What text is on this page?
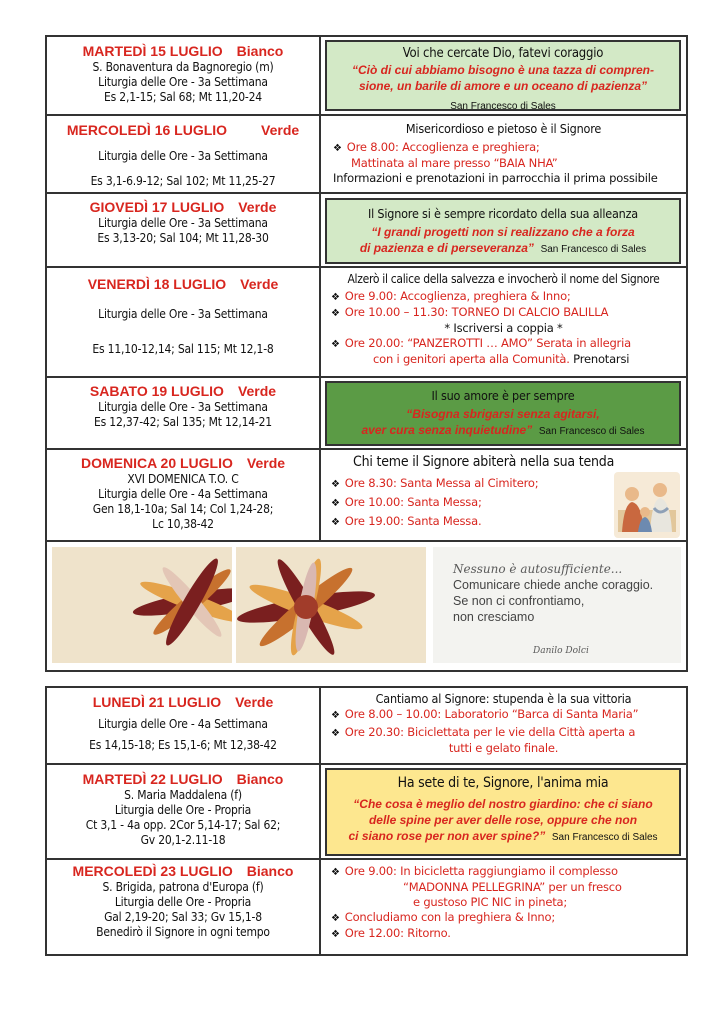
MARTEDÌ 15 LUGLIO Bianco
S. Bonaventura da Bagnoregio (m)
Liturgia delle Ore - 3a Settimana
Es 2,1-15; Sal 68; Mt 11,20-24
Voi che cercate Dio, fatevi coraggio
“Ciò di cui abbiamo bisogno è una tazza di compren-
sione, un barile di amore e un oceano di pazienza”
San Francesco di Sales
MERCOLEDÌ 16 LUGLIO Verde
Liturgia delle Ore - 3a Settimana
Es 3,1-6.9-12; Sal 102; Mt 11,25-27
Misericordioso e pietoso è il Signore
❖ Ore 8.00: Accoglienza e preghiera;
Mattinata al mare presso “BAIA NHA”
Informazioni e prenotazioni in parrocchia il prima possibile
GIOVEDÌ 17 LUGLIO Verde
Liturgia delle Ore - 3a Settimana
Es 3,13-20; Sal 104; Mt 11,28-30
Il Signore si è sempre ricordato della sua alleanza
“I grandi progetti non si realizzano che a forza
di pazienza e di perseveranza” San Francesco di Sales
VENERDÌ 18 LUGLIO Verde
Liturgia delle Ore - 3a Settimana
Es 11,10-12,14; Sal 115; Mt 12,1-8
Alzerò il calice della salvezza e invocherò il nome del Signore
❖ Ore 9.00: Accoglienza, preghiera & Inno;
❖ Ore 10.00 – 11.30: TORNEO DI CALCIO BALILLA
* Iscriversi a coppia *
❖ Ore 20.00: “PANZEROTTI … AMO” Serata in allegria
con i genitori aperta alla Comunità. Prenotarsi
SABATO 19 LUGLIO Verde
Liturgia delle Ore - 3a Settimana
Es 12,37-42; Sal 135; Mt 12,14-21
Il suo amore è per sempre
“Bisogna sbrigarsi senza agitarsi,
aver cura senza inquietudine” San Francesco di Sales
DOMENICA 20 LUGLIO Verde
XVI DOMENICA T.O. C
Liturgia delle Ore - 4a Settimana
Gen 18,1-10a; Sal 14; Col 1,24-28;
Lc 10,38-42
Chi teme il Signore abiterà nella sua tenda
❖ Ore 8.30: Santa Messa al Cimitero;
❖ Ore 10.00: Santa Messa;
❖ Ore 19.00: Santa Messa.
Nessuno è autosufficiente...
Comunicare chiede anche coraggio.
Se non ci confrontiamo,
non cresciamo
Danilo Dolci
LUNEDÌ 21 LUGLIO Verde
Liturgia delle Ore - 4a Settimana
Es 14,15-18; Es 15,1-6; Mt 12,38-42
Cantiamo al Signore: stupenda è la sua vittoria
❖ Ore 8.00 – 10.00: Laboratorio “Barca di Santa Maria”
❖ Ore 20.30: Biciclettata per le vie della Città aperta a
tutti e gelato finale.
MARTEDÌ 22 LUGLIO Bianco
S. Maria Maddalena (f)
Liturgia delle Ore - Propria
Ct 3,1 - 4a opp. 2Cor 5,14-17; Sal 62;
Gv 20,1-2.11-18
Ha sete di te, Signore, l'anima mia
“Che cosa è meglio del nostro giardino: che ci siano
delle spine per aver delle rose, oppure che non
ci siano rose per non aver spine?” San Francesco di Sales
MERCOLEDÌ 23 LUGLIO Bianco
S. Brigida, patrona d'Europa (f)
Liturgia delle Ore - Propria
Gal 2,19-20; Sal 33; Gv 15,1-8
Benedirò il Signore in ogni tempo
❖ Ore 9.00: In bicicletta raggiungiamo il complesso
“MADONNA PELLEGRINA” per un fresco
e gustoso PIC NIC in pineta;
❖ Concludiamo con la preghiera & Inno;
❖ Ore 12.00: Ritorno.
